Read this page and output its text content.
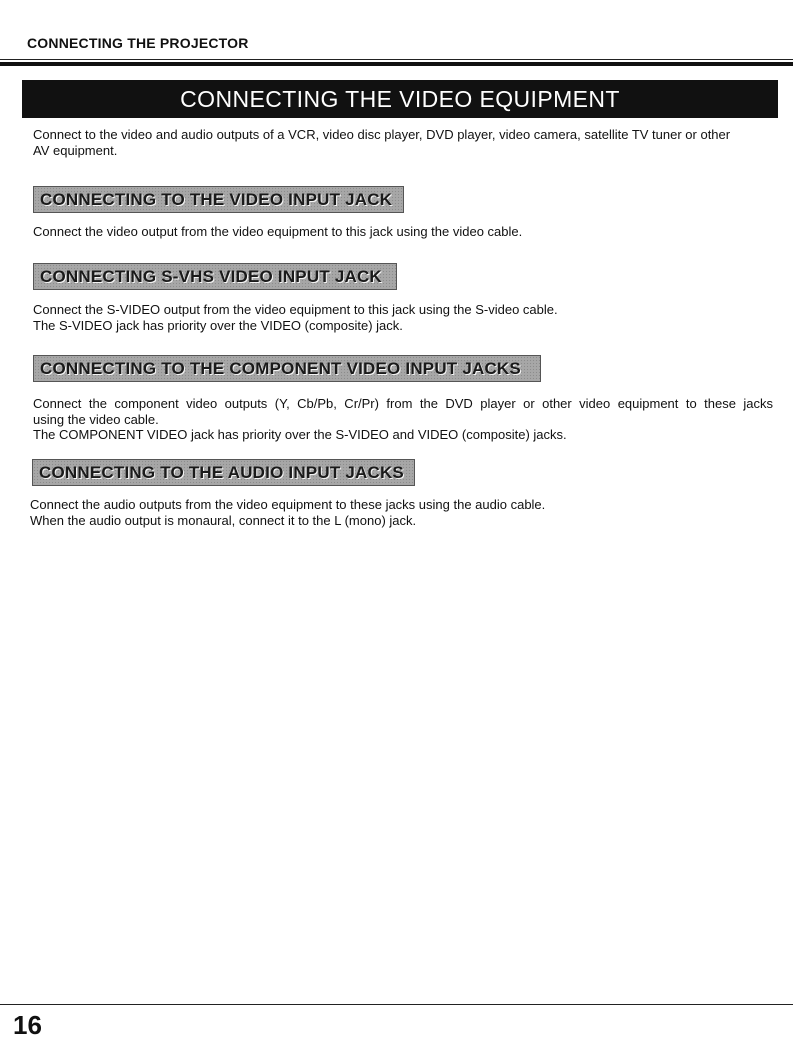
CONNECTING THE PROJECTOR
CONNECTING THE VIDEO EQUIPMENT

Connect to the video and audio outputs of a VCR, video disc player, DVD player, video camera, satellite TV tuner or other
AV equipment.

CONNECTING TO THE VIDEO INPUT JACK

Connect the video output from the video equipment to this jack using the video cable.

CONNECTING S-VHS VIDEO INPUT JACK

Connect the S-VIDEO output from the video equipment to this jack using the S-video cable.
The S-VIDEO jack has priority over the VIDEO (composite) jack.

CONNECTING TO THE COMPONENT VIDEO INPUT JACKS

Connect the component video outputs (Y, Cb/Pb, Cr/Pr) from the DVD player or other video equipment to these jacks
using the video cable.
The COMPONENT VIDEO jack has priority over the S-VIDEO and VIDEO (composite) jacks.

CONNECTING TO THE AUDIO INPUT JACKS

Connect the audio outputs from the video equipment to these jacks using the audio cable.
When the audio output is monaural, connect it to the L (mono) jack.

16
